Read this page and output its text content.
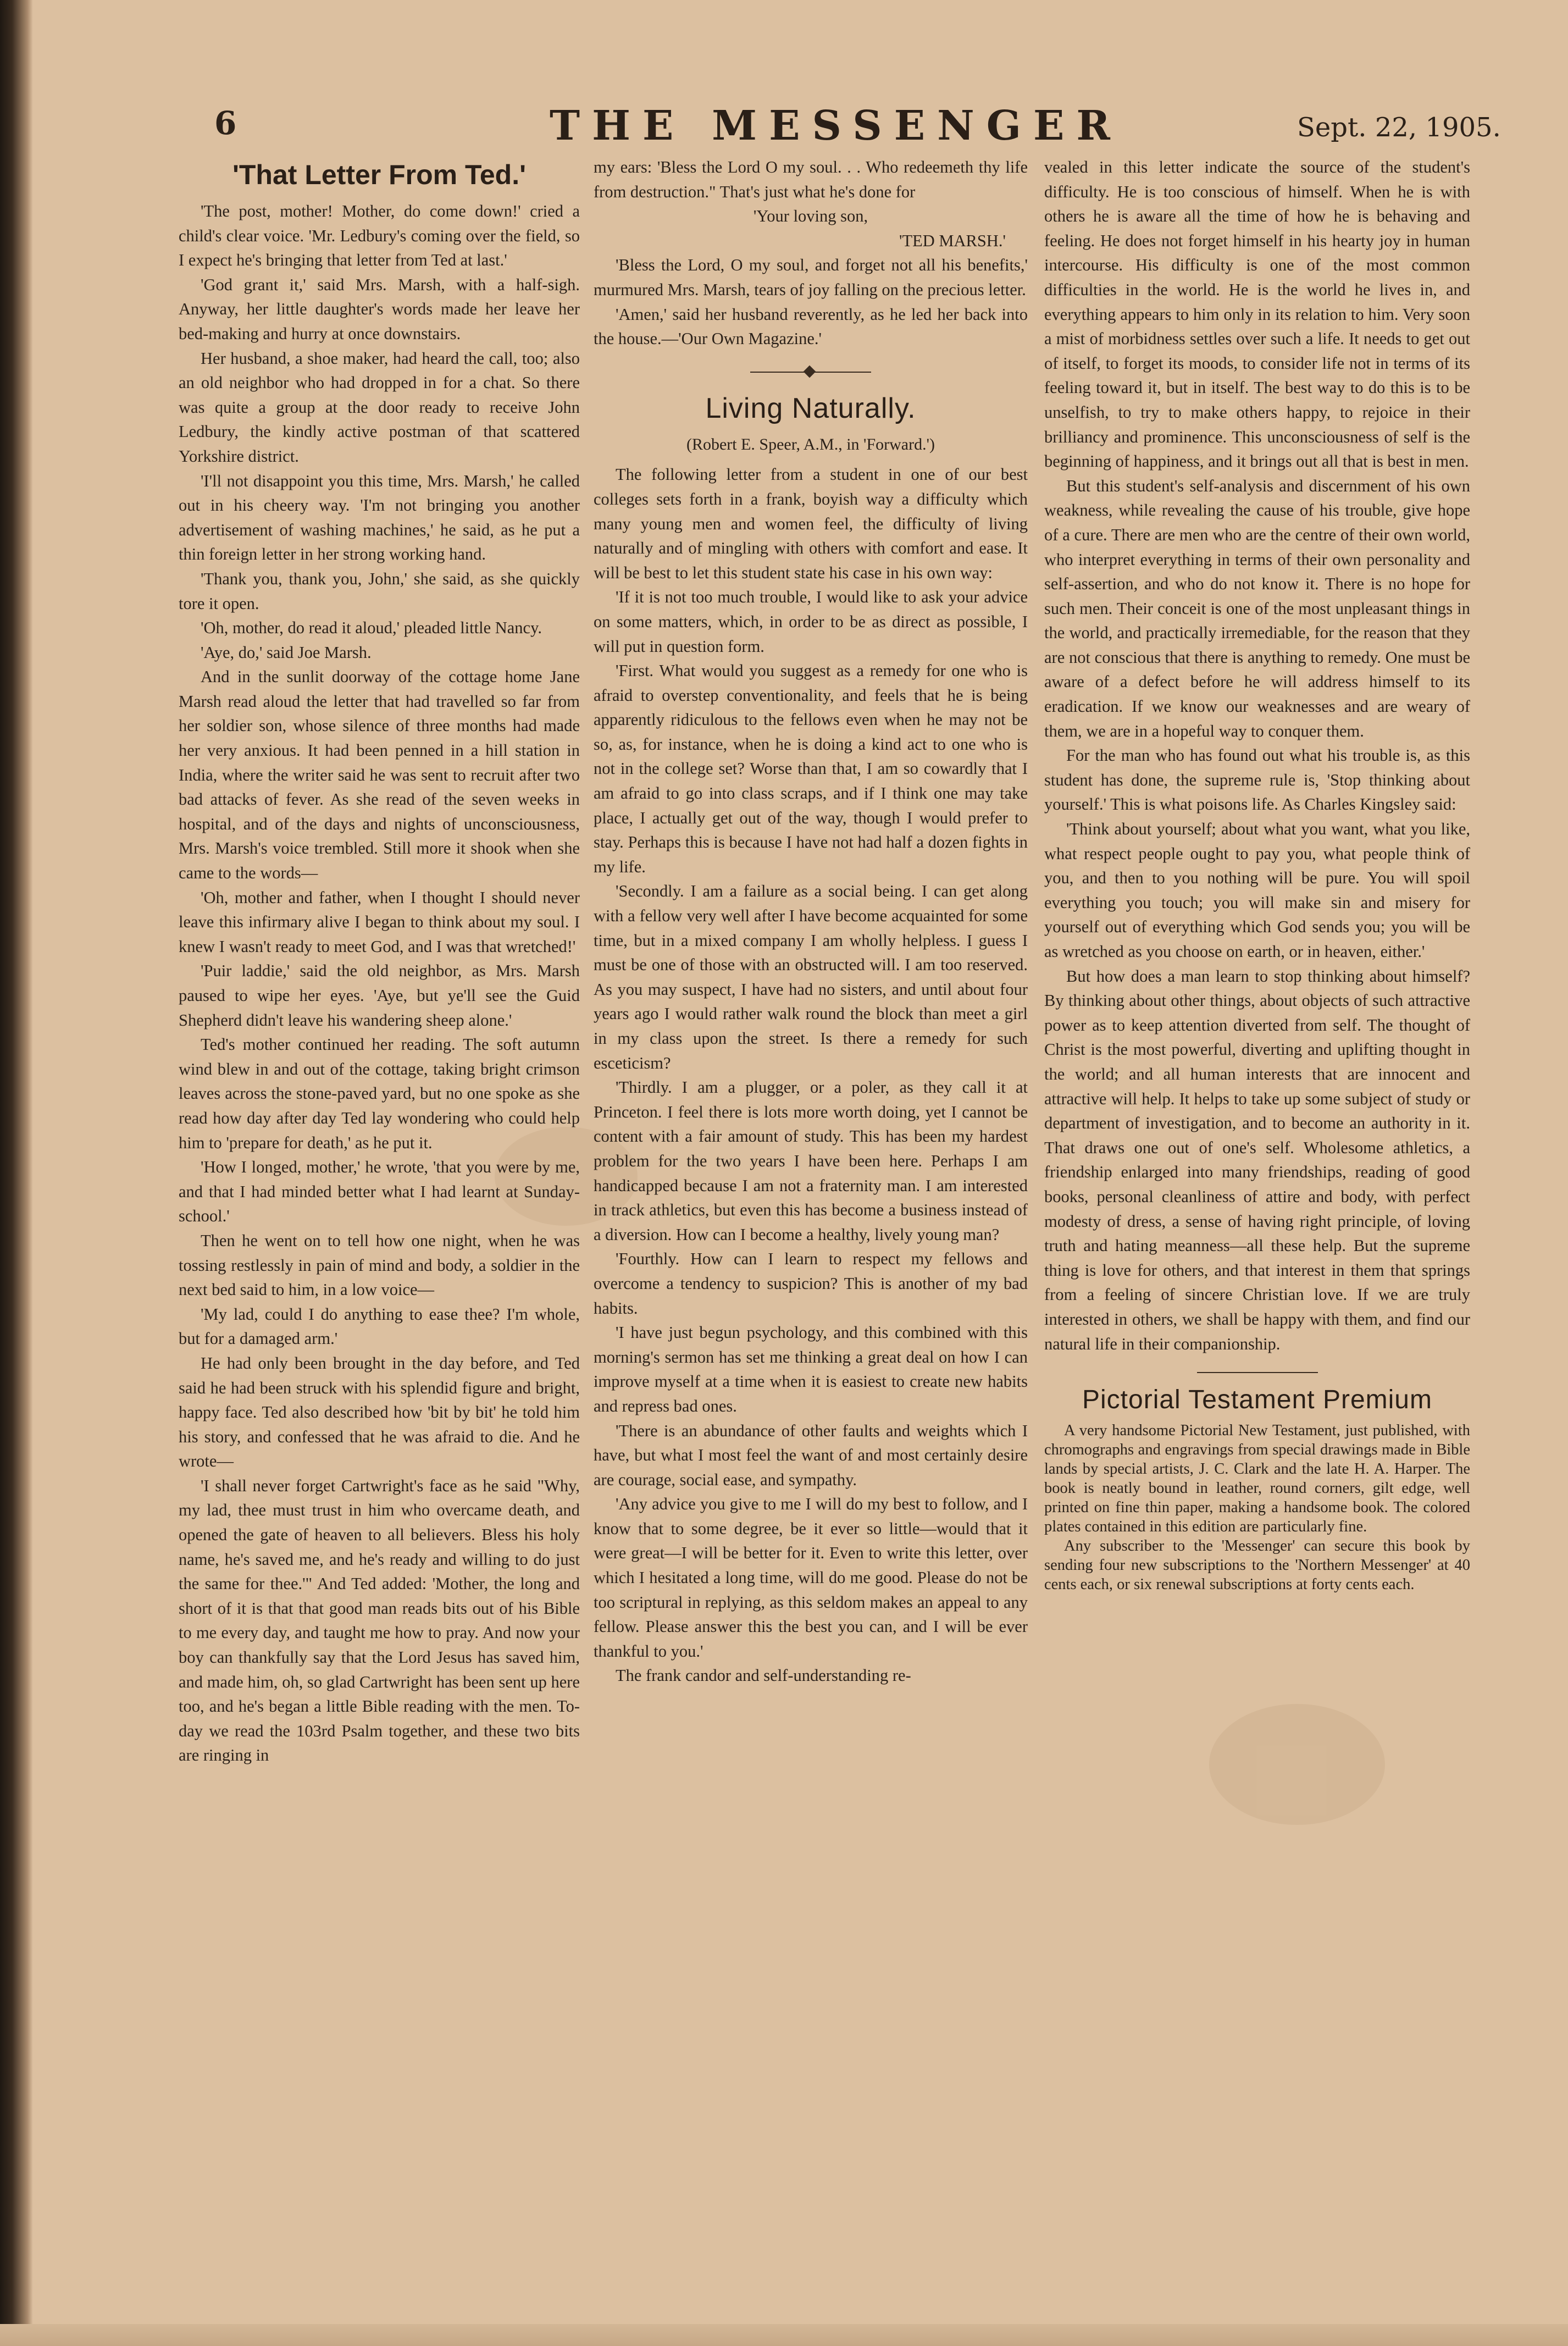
6	THE MESSENGER	Sept. 22, 1905.
'That Letter From Ted.'

'The post, mother! Mother, do come down!' cried a child's clear voice. 'Mr. Ledbury's coming over the field, so I expect he's bringing that letter from Ted at last.'

'God grant it,' said Mrs. Marsh, with a half-sigh. Anyway, her little daughter's words made her leave her bed-making and hurry at once downstairs.

Her husband, a shoe maker, had heard the call, too; also an old neighbor who had dropped in for a chat. So there was quite a group at the door ready to receive John Ledbury, the kindly active postman of that scattered Yorkshire district.

'I'll not disappoint you this time, Mrs. Marsh,' he called out in his cheery way. 'I'm not bringing you another advertisement of washing machines,' he said, as he put a thin foreign letter in her strong working hand.

'Thank you, thank you, John,' she said, as she quickly tore it open.

'Oh, mother, do read it aloud,' pleaded little Nancy.

'Aye, do,' said Joe Marsh.

And in the sunlit doorway of the cottage home Jane Marsh read aloud the letter that had travelled so far from her soldier son, whose silence of three months had made her very anxious. It had been penned in a hill station in India, where the writer said he was sent to recruit after two bad attacks of fever. As she read of the seven weeks in hospital, and of the days and nights of unconsciousness, Mrs. Marsh's voice trembled. Still more it shook when she came to the words—

'Oh, mother and father, when I thought I should never leave this infirmary alive I began to think about my soul. I knew I wasn't ready to meet God, and I was that wretched!'

'Puir laddie,' said the old neighbor, as Mrs. Marsh paused to wipe her eyes. 'Aye, but ye'll see the Guid Shepherd didn't leave his wandering sheep alone.'

Ted's mother continued her reading. The soft autumn wind blew in and out of the cottage, taking bright crimson leaves across the stone-paved yard, but no one spoke as she read how day after day Ted lay wondering who could help him to 'prepare for death,' as he put it.

'How I longed, mother,' he wrote, 'that you were by me, and that I had minded better what I had learnt at Sunday-school.'

Then he went on to tell how one night, when he was tossing restlessly in pain of mind and body, a soldier in the next bed said to him, in a low voice—

'My lad, could I do anything to ease thee? I'm whole, but for a damaged arm.'

He had only been brought in the day before, and Ted said he had been struck with his splendid figure and bright, happy face. Ted also described how 'bit by bit' he told him his story, and confessed that he was afraid to die. And he wrote—

'I shall never forget Cartwright's face as he said "Why, my lad, thee must trust in him who overcame death, and opened the gate of heaven to all believers. Bless his holy name, he's saved me, and he's ready and willing to do just the same for thee.'" And Ted added: 'Mother, the long and short of it is that that good man reads bits out of his Bible to me every day, and taught me how to pray. And now your boy can thankfully say that the Lord Jesus has saved him, and made him, oh, so glad Cartwright has been sent up here too, and he's began a little Bible reading with the men. To-day we read the 103rd Psalm together, and these two bits are ringing in

my ears: 'Bless the Lord O my soul. . . Who redeemeth thy life from destruction." That's just what he's done for

'Your loving son,

'TED MARSH.'

'Bless the Lord, O my soul, and forget not all his benefits,' murmured Mrs. Marsh, tears of joy falling on the precious letter.

'Amen,' said her husband reverently, as he led her back into the house.—'Our Own Magazine.'

Living Naturally.
(Robert E. Speer, A.M., in 'Forward.')

The following letter from a student in one of our best colleges sets forth in a frank, boyish way a difficulty which many young men and women feel, the difficulty of living naturally and of mingling with others with comfort and ease. It will be best to let this student state his case in his own way:

'If it is not too much trouble, I would like to ask your advice on some matters, which, in order to be as direct as possible, I will put in question form.

'First. What would you suggest as a remedy for one who is afraid to overstep conventionality, and feels that he is being apparently ridiculous to the fellows even when he may not be so, as, for instance, when he is doing a kind act to one who is not in the college set? Worse than that, I am so cowardly that I am afraid to go into class scraps, and if I think one may take place, I actually get out of the way, though I would prefer to stay. Perhaps this is because I have not had half a dozen fights in my life.

'Secondly. I am a failure as a social being. I can get along with a fellow very well after I have become acquainted for some time, but in a mixed company I am wholly helpless. I guess I must be one of those with an obstructed will. I am too reserved. As you may suspect, I have had no sisters, and until about four years ago I would rather walk round the block than meet a girl in my class upon the street. Is there a remedy for such esceticism?

'Thirdly. I am a plugger, or a poler, as they call it at Princeton. I feel there is lots more worth doing, yet I cannot be content with a fair amount of study. This has been my hardest problem for the two years I have been here. Perhaps I am handicapped because I am not a fraternity man. I am interested in track athletics, but even this has become a business instead of a diversion. How can I become a healthy, lively young man?

'Fourthly. How can I learn to respect my fellows and overcome a tendency to suspicion? This is another of my bad habits.

'I have just begun psychology, and this combined with this morning's sermon has set me thinking a great deal on how I can improve myself at a time when it is easiest to create new habits and repress bad ones.

'There is an abundance of other faults and weights which I have, but what I most feel the want of and most certainly desire are courage, social ease, and sympathy.

'Any advice you give to me I will do my best to follow, and I know that to some degree, be it ever so little—would that it were great—I will be better for it. Even to write this letter, over which I hesitated a long time, will do me good. Please do not be too scriptural in replying, as this seldom makes an appeal to any fellow. Please answer this the best you can, and I will be ever thankful to you.'

The frank candor and self-understanding re-

vealed in this letter indicate the source of the student's difficulty. He is too conscious of himself. When he is with others he is aware all the time of how he is behaving and feeling. He does not forget himself in his hearty joy in human intercourse. His difficulty is one of the most common difficulties in the world. He is the world he lives in, and everything appears to him only in its relation to him. Very soon a mist of morbidness settles over such a life. It needs to get out of itself, to forget its moods, to consider life not in terms of its feeling toward it, but in itself. The best way to do this is to be unselfish, to try to make others happy, to rejoice in their brilliancy and prominence. This unconsciousness of self is the beginning of happiness, and it brings out all that is best in men.

But this student's self-analysis and discernment of his own weakness, while revealing the cause of his trouble, give hope of a cure. There are men who are the centre of their own world, who interpret everything in terms of their own personality and self-assertion, and who do not know it. There is no hope for such men. Their conceit is one of the most unpleasant things in the world, and practically irremediable, for the reason that they are not conscious that there is anything to remedy. One must be aware of a defect before he will address himself to its eradication. If we know our weaknesses and are weary of them, we are in a hopeful way to conquer them.

For the man who has found out what his trouble is, as this student has done, the supreme rule is, 'Stop thinking about yourself.' This is what poisons life. As Charles Kingsley said:

'Think about yourself; about what you want, what you like, what respect people ought to pay you, what people think of you, and then to you nothing will be pure. You will spoil everything you touch; you will make sin and misery for yourself out of everything which God sends you; you will be as wretched as you choose on earth, or in heaven, either.'

But how does a man learn to stop thinking about himself? By thinking about other things, about objects of such attractive power as to keep attention diverted from self. The thought of Christ is the most powerful, diverting and uplifting thought in the world; and all human interests that are innocent and attractive will help. It helps to take up some subject of study or department of investigation, and to become an authority in it. That draws one out of one's self. Wholesome athletics, a friendship enlarged into many friendships, reading of good books, personal cleanliness of attire and body, with perfect modesty of dress, a sense of having right principle, of loving truth and hating meanness—all these help. But the supreme thing is love for others, and that interest in them that springs from a feeling of sincere Christian love. If we are truly interested in others, we shall be happy with them, and find our natural life in their companionship.

Pictorial Testament Premium

A very handsome Pictorial New Testament, just published, with chromographs and engravings from special drawings made in Bible lands by special artists, J. C. Clark and the late H. A. Harper. The book is neatly bound in leather, round corners, gilt edge, well printed on fine thin paper, making a handsome book. The colored plates contained in this edition are particularly fine.

Any subscriber to the 'Messenger' can secure this book by sending four new subscriptions to the 'Northern Messenger' at 40 cents each, or six renewal subscriptions at forty cents each.
